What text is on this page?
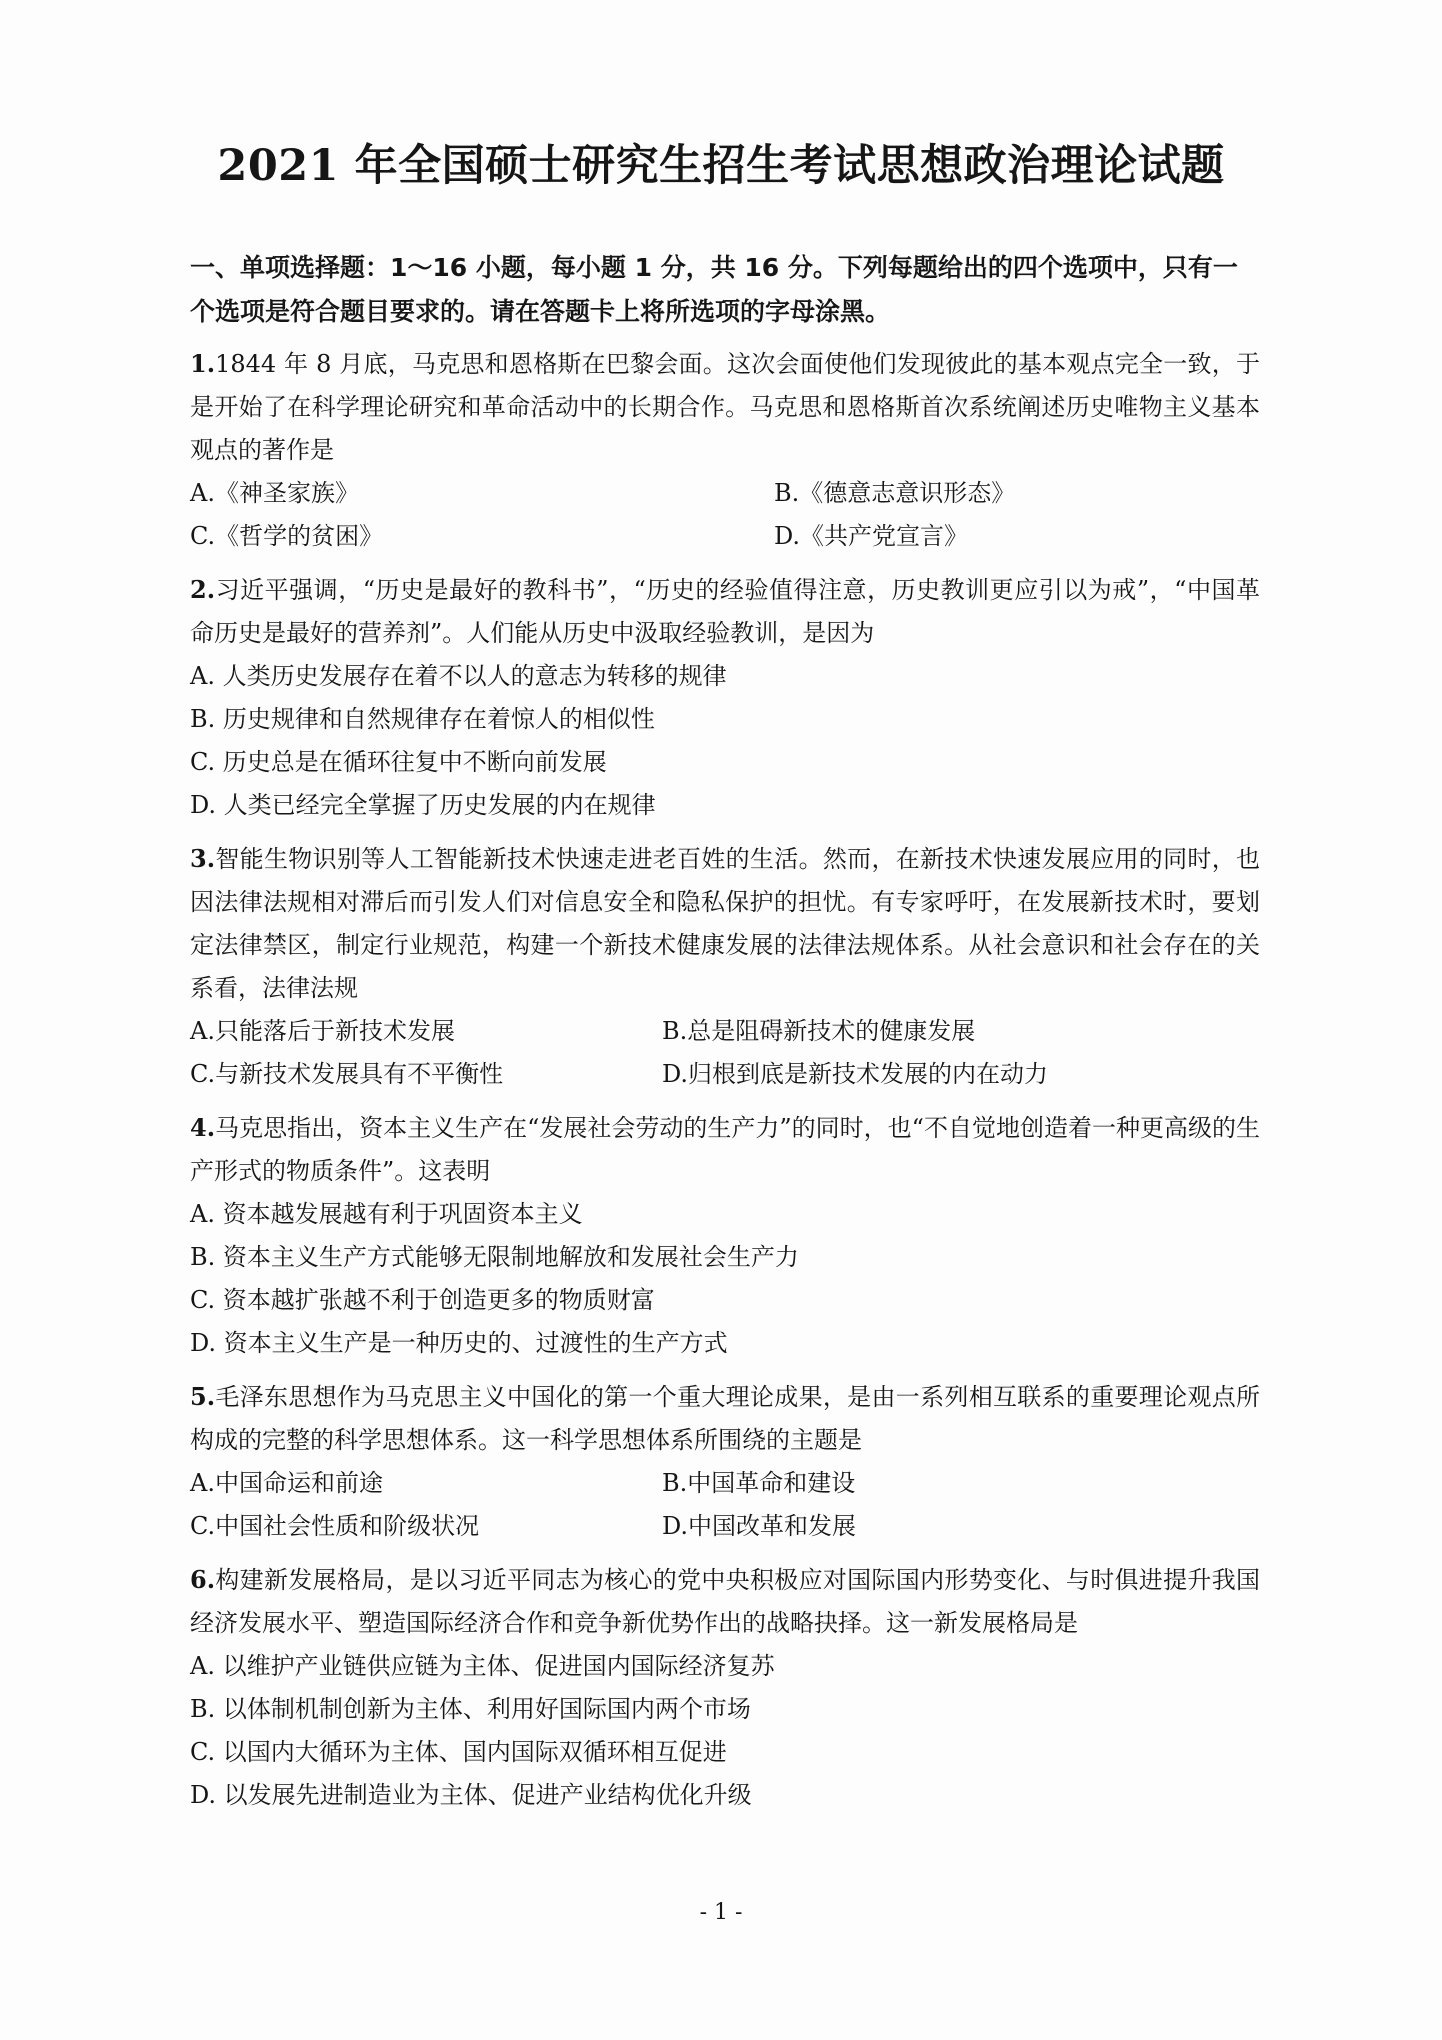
2021 年全国硕士研究生招生考试思想政治理论试题
一、单项选择题：1～16 小题，每小题 1 分，共 16 分。下列每题给出的四个选项中，只有一个选项是符合题目要求的。请在答题卡上将所选项的字母涂黑。
1.1844 年 8 月底，马克思和恩格斯在巴黎会面。这次会面使他们发现彼此的基本观点完全一致，于是开始了在科学理论研究和革命活动中的长期合作。马克思和恩格斯首次系统阐述历史唯物主义基本观点的著作是
A.《神圣家族》	B.《德意志意识形态》
C.《哲学的贫困》	D.《共产党宣言》
2.习近平强调，“历史是最好的教科书”，“历史的经验值得注意，历史教训更应引以为戒”，“中国革命历史是最好的营养剂”。人们能从历史中汲取经验教训，是因为
A. 人类历史发展存在着不以人的意志为转移的规律
B. 历史规律和自然规律存在着惊人的相似性
C. 历史总是在循环往复中不断向前发展
D. 人类已经完全掌握了历史发展的内在规律
3.智能生物识别等人工智能新技术快速走进老百姓的生活。然而，在新技术快速发展应用的同时，也因法律法规相对滞后而引发人们对信息安全和隐私保护的担忧。有专家呼吁，在发展新技术时，要划定法律禁区，制定行业规范，构建一个新技术健康发展的法律法规体系。从社会意识和社会存在的关系看，法律法规
A.只能落后于新技术发展	B.总是阻碍新技术的健康发展
C.与新技术发展具有不平衡性	D.归根到底是新技术发展的内在动力
4.马克思指出，资本主义生产在“发展社会劳动的生产力”的同时，也“不自觉地创造着一种更高级的生产形式的物质条件”。这表明
A. 资本越发展越有利于巩固资本主义
B. 资本主义生产方式能够无限制地解放和发展社会生产力
C. 资本越扩张越不利于创造更多的物质财富
D. 资本主义生产是一种历史的、过渡性的生产方式
5.毛泽东思想作为马克思主义中国化的第一个重大理论成果，是由一系列相互联系的重要理论观点所构成的完整的科学思想体系。这一科学思想体系所围绕的主题是
A.中国命运和前途	B.中国革命和建设
C.中国社会性质和阶级状况	D.中国改革和发展
6.构建新发展格局，是以习近平同志为核心的党中央积极应对国际国内形势变化、与时俱进提升我国经济发展水平、塑造国际经济合作和竞争新优势作出的战略抉择。这一新发展格局是
A. 以维护产业链供应链为主体、促进国内国际经济复苏
B. 以体制机制创新为主体、利用好国际国内两个市场
C. 以国内大循环为主体、国内国际双循环相互促进
D. 以发展先进制造业为主体、促进产业结构优化升级
- 1 -
